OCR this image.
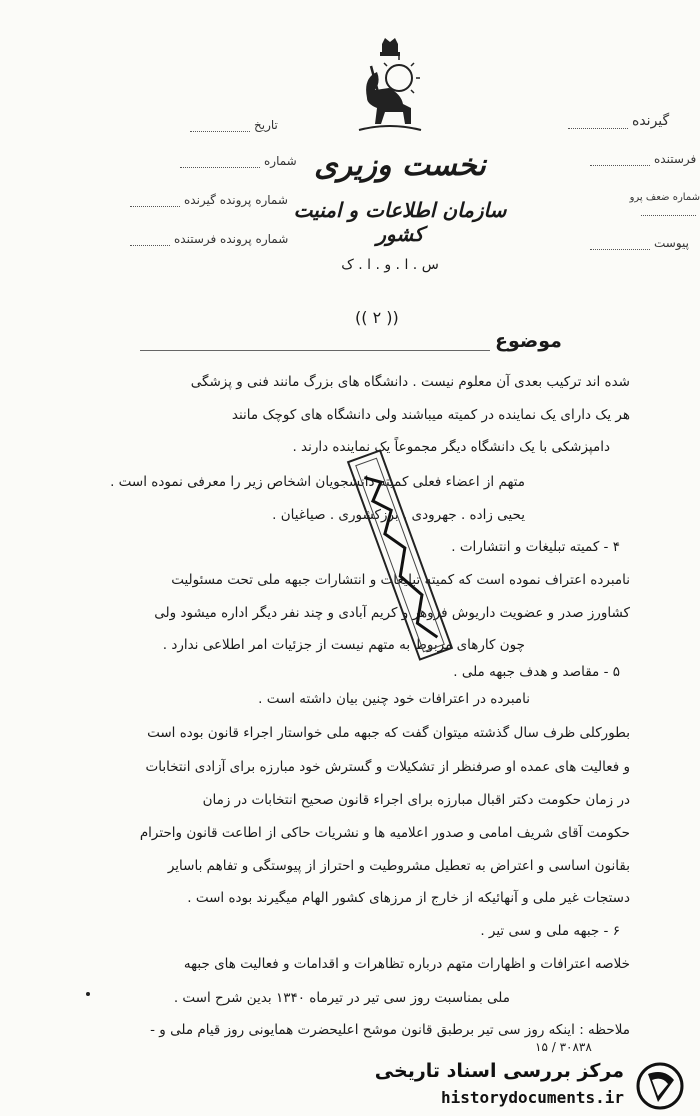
تاریخ
شماره
شماره پرونده گیرنده
شماره پرونده فرستنده
گیرنده
فرستنده
شماره ضعف پرو
پیوست
نخست وزیری
سازمان اطلاعات و امنیت کشور
س . ا . و . ا . ک
(( ۲ ))
موضوع
شده اند ترکیب بعدی آن معلوم نیست . دانشگاه های بزرگ مانند فنی و پزشگی
هر یک دارای یک نماینده در کمیته میباشند ولی دانشگاه های کوچک مانند
دامپزشکی با یک دانشگاه دیگر مجموعاً یک نماینده دارند .
متهم از اعضاء فعلی کمیته دانشجویان اشخاص زیر را معرفی نموده است .
یحیی زاده . جهرودی . برزکشوری . صیاغیان .
۴ - کمیته تبلیغات و انتشارات .
نامبرده اعتراف نموده است که کمیته تبلیغات و انتشارات جبهه ملی تحت مسئولیت
کشاورز صدر و عضویت داریوش فروهر و کریم آبادی و چند نفر دیگر اداره میشود ولی
چون کارهای مربوط به متهم نیست از جزئیات امر اطلاعی ندارد .
۵ - مقاصد و هدف جبهه ملی .
نامبرده در اعترافات خود چنین بیان داشته است .
بطورکلی ظرف سال گذشته میتوان گفت که جبهه ملی خواستار اجراء قانون بوده است
و فعالیت های عمده او صرفنظر از تشکیلات و گسترش خود مبارزه برای آزادی انتخابات
در زمان حکومت دکتر اقبال مبارزه برای اجراء قانون صحیح انتخابات در زمان
حکومت آقای شریف امامی و صدور اعلامیه ها و نشریات حاکی از اطاعت قانون واحترام
بقانون اساسی و اعتراض به تعطیل مشروطیت و احتراز از پیوستگی و تفاهم باسایر
دستجات غیر ملی و آنهائیکه از خارج از مرزهای کشور الهام میگیرند بوده است .
۶ - جبهه ملی و سی تیر .
خلاصه اعترافات و اظهارات متهم درباره تظاهرات و اقدامات و فعالیت های جبهه
ملی بمناسبت روز سی تیر در تیرماه ۱۳۴۰ بدین شرح است .
ملاحظه : اینکه روز سی تیر برطبق قانون موشح اعلیحضرت همایونی روز قیام ملی و -
۳۰۸۳۸ / ۱۵
مرکز بررسی اسناد تاریخی
historydocuments.ir
